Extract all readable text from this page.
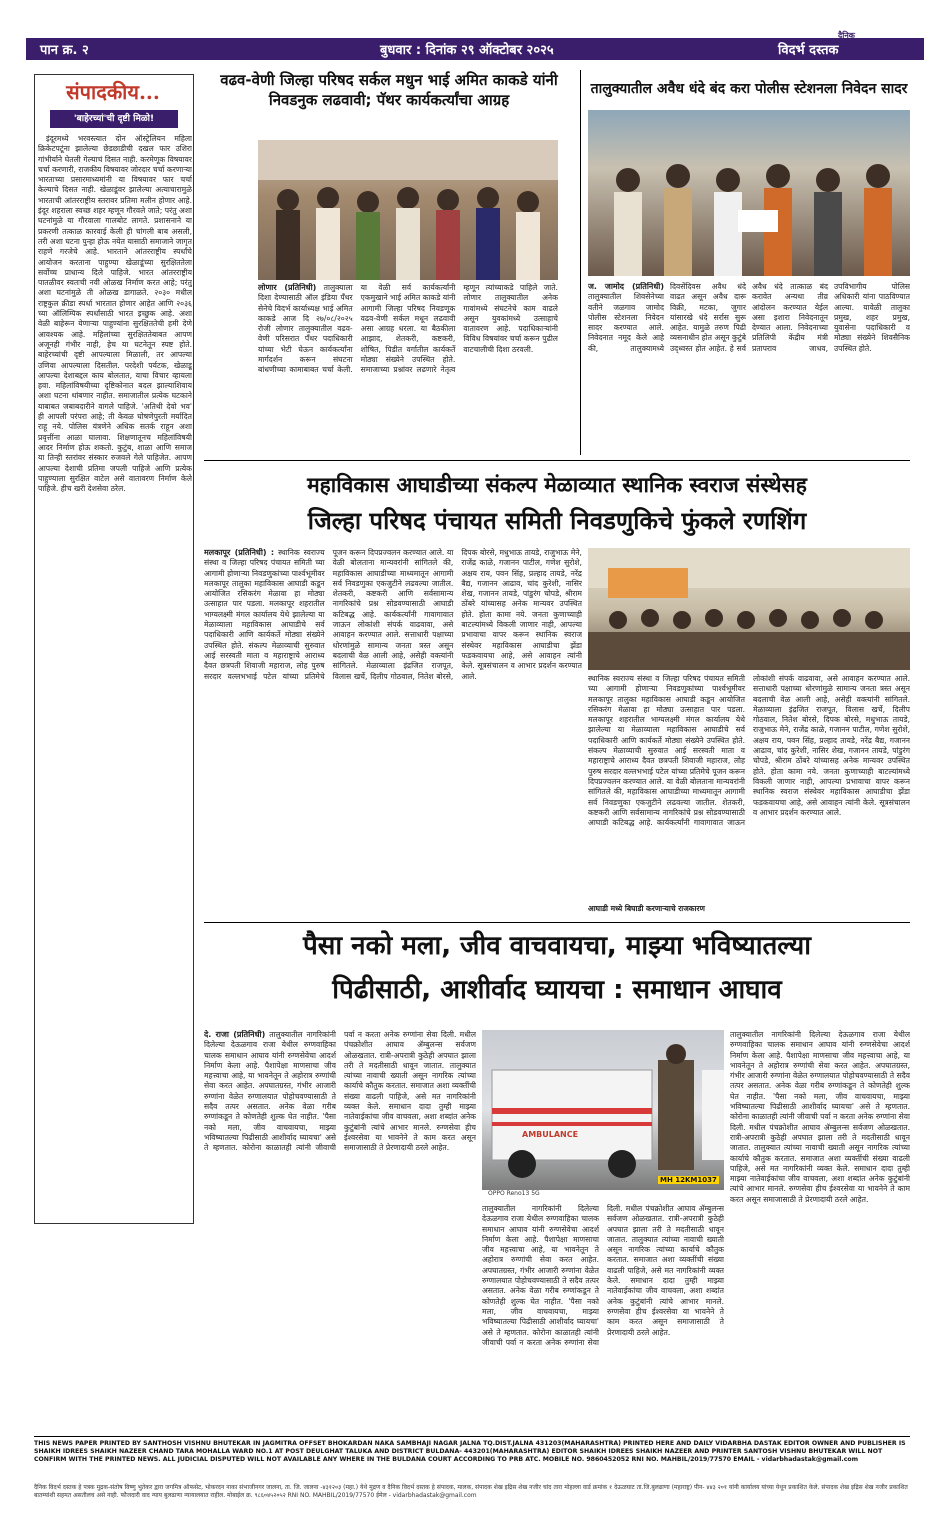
पान क्र. २	बुधवार : दिनांक २९ ऑक्टोबर २०२५
दैनिक
विदर्भ दस्तक
संपादकीय...
'बाहेरच्यां'ची दृष्टी मिळो!

इंदूरमध्ये भरवस्त्यात दोन ऑस्ट्रेलियन महिला क्रिकेटपटूंना झालेल्या छेडछाडीची दखल फार उशिरा गांभीर्याने घेतली गेल्याचं दिसत नाही. करमेणूक विषयावर चर्चा करणारी, राजकीय विषयावर जोरदार चर्चा करणाऱ्या भारताच्या प्रसारमाध्यमांनी या विषयावर फार चर्चा केल्याचे दिसत नाही. खेळाडूंवर झालेल्या अत्याचारामुळे भारताची आंतरराष्ट्रीय स्तरावर प्रतिमा मलीन होणार आहे. इंदूर शहराला स्वच्छ शहर म्हणून गौरवले जाते; परंतु अशा घटनांमुळे या गौरवाला गालबोट लागते. प्रशासनाने या प्रकरणी तत्काळ कारवाई केली ही चांगली बाब असली, तरी अशा घटना पुन्हा होऊ नयेत यासाठी समाजाने जागृत राहणे गरजेचे आहे. भारताने आंतरराष्ट्रीय स्पर्धांचे आयोजन करताना पाहुण्या खेळाडूंच्या सुरक्षिततेला सर्वोच्च प्राधान्य दिले पाहिजे. भारत आंतरराष्ट्रीय पातळीवर स्वतःची नवी ओळख निर्माण करत आहे; परंतु अशा घटनांमुळे ती ओळख डागाळते. २०३० मधील राष्ट्रकुल क्रीडा स्पर्धा भारतात होणार आहेत आणि २०३६ च्या ऑलिम्पिक स्पर्धांसाठी भारत इच्छुक आहे. अशा वेळी बाहेरून येणाऱ्या पाहुण्यांना सुरक्षिततेची हमी देणे आवश्यक आहे. महिलांच्या सुरक्षिततेबाबत आपण अजूनही गंभीर नाही, हेच या घटनेतून स्पष्ट होते. बाहेरच्यांची दृष्टी आपल्याला मिळाली, तर आपल्या उणिवा आपल्याला दिसतील. परदेशी पर्यटक, खेळाडू आपल्या देशाबद्दल काय बोलतात, याचा विचार व्हायला हवा. महिलांविषयीच्या दृष्टिकोनात बदल झाल्याशिवाय अशा घटना थांबणार नाहीत. समाजातील प्रत्येक घटकाने याबाबत जबाबदारीने वागले पाहिजे. 'अतिथी देवो भव' ही आपली परंपरा आहे; ती केवळ घोषणेपुरती मर्यादित राहू नये. पोलिस यंत्रणेने अधिक सतर्क राहून अशा प्रवृत्तींना आळा घालावा. शिक्षणातूनच महिलांविषयी आदर निर्माण होऊ शकतो. कुटुंब, शाळा आणि समाज या तिन्ही स्तरांवर संस्कार रुजवले गेले पाहिजेत. आपण आपल्या देशाची प्रतिमा जपली पाहिजे आणि प्रत्येक पाहुण्याला सुरक्षित वाटेल असे वातावरण निर्माण केले पाहिजे. हीच खरी देशसेवा ठरेल.

वढव-वेणी जिल्हा परिषद सर्कल मधुन भाई अमित काकडे यांनी निवडनुक लढवावी; पॅथर कार्यकर्त्यांचा आग्रह
लोणार (प्रतिनिधी) तालुक्याला दिशा देण्यासाठी ऑल इंडिया पँथर सेनेचे विदर्भ कार्याध्यक्ष भाई अमित काकडे आज दि २७/०८/२०२५ रोजी लोणार तालुक्यातील वढव-वेणी परिसरात पँथर पदाधिकारी यांच्या भेटी घेऊन कार्यकर्त्यांना मार्गदर्शन करून संघटना बांधणीच्या कामाबाबत चर्चा केली. या वेळी सर्व कार्यकर्त्यांनी एकमुखाने भाई अमित काकडे यांनी आगामी जिल्हा परिषद निवडणूक वढव-वेणी सर्कल मधून लढवावी असा आग्रह धरला. या बैठकीला आझाद, शेतकरी, कष्टकरी, शोषित, पिडीत वर्गातील कार्यकर्ते मोठ्या संख्येने उपस्थित होते. समाजाच्या प्रश्नांवर लढणारे नेतृत्व म्हणून त्यांच्याकडे पाहिले जाते. लोणार तालुक्यातील अनेक गावांमध्ये संघटनेचे काम वाढले असून युवकांमध्ये उत्साहाचे वातावरण आहे. पदाधिकाऱ्यांनी विविध विषयांवर चर्चा करून पुढील वाटचालीची दिशा ठरवली.
तालुक्यातील अवैध धंदे बंद करा पोलीस स्टेशनला निवेदन सादर
ज. जामोद (प्रतिनिधी) तालुक्यातील शिवसेनेच्या वतीने जळगाव जामोद पोलीस स्टेशनला निवेदन सादर करण्यात आले. निवेदनात नमूद केले आहे की, तालुक्यामध्ये दिवसेंदिवस अवैध धंदे वाढत असून अवैध दारू विक्री, मटका, जुगार यांसारखे धंदे सर्रास सुरू आहेत. यामुळे तरुण पिढी व्यसनाधीन होत असून कुटुंबे उद्ध्वस्त होत आहेत. हे सर्व अवैध धंदे तात्काळ बंद करावेत अन्यथा तीव्र आंदोलन करण्यात येईल असा इशारा निवेदनातून देण्यात आला. निवेदनाच्या प्रतिलिपी केंद्रीय मंत्री प्रतापराव जाधव, उपविभागीय पोलिस अधिकारी यांना पाठविण्यात आल्या. यावेळी तालुका प्रमुख, शहर प्रमुख, युवासेना पदाधिकारी व मोठ्या संख्येने शिवसैनिक उपस्थित होते.
महाविकास आघाडीच्या संकल्प मेळाव्यात स्थानिक स्वराज संस्थेसह
जिल्हा परिषद पंचायत समिती निवडणुकिचे फुंकले रणशिंग
मलकापूर (प्रतिनिधी) : स्थानिक स्वराज्य संस्था व जिल्हा परिषद पंचायत समिती च्या आगामी होणाऱ्या निवडणुकांच्या पार्श्वभूमीवर मलकापूर तालुका महाविकास आघाडी कडून आयोजित रसिकरंग मेळावा हा मोठ्या उत्साहात पार पडला. मलकापूर शहरातील भाग्यलक्ष्मी मंगल कार्यालय येथे झालेल्या या मेळाव्याला महाविकास आघाडीचे सर्व पदाधिकारी आणि कार्यकर्ते मोठ्या संख्येने उपस्थित होते. संकल्प मेळाव्याची सुरुवात आई सरस्वती माता व महाराष्ट्राचे आराध्य दैवत छत्रपती शिवाजी महाराज, लोह पुरुष सरदार वल्लभभाई पटेल यांच्या प्रतिमेचे पूजन करून दिपप्रज्वलन करण्यात आले. या वेळी बोलताना मान्यवरांनी सांगितले की, महाविकास आघाडीच्या माध्यमातून आगामी सर्व निवडणुका एकजुटीने लढवल्या जातील. शेतकरी, कष्टकरी आणि सर्वसामान्य नागरिकांचे प्रश्न सोडवण्यासाठी आघाडी कटिबद्ध आहे. कार्यकर्त्यांनी गावागावात जाऊन लोकांशी संपर्क वाढवावा, असे आवाहन करण्यात आले. सत्ताधारी पक्षाच्या धोरणांमुळे सामान्य जनता त्रस्त असून बदलाची वेळ आली आहे, असेही वक्त्यांनी सांगितले. मेळाव्याला इंद्रजित राजपूत, विलास खर्चे, दिलीप गोठवाल, नितेश बोरसे, दिपक बोरसे, मधुभाऊ तायडे, राजुभाऊ मेने, राजेंद्र काळे, गजानन पाटील, गणेश सुरोशे, अक्षय राय, पवन सिंह, प्रल्हाद तायडे, नरेंद्र बैद्य, गजानन आढाव, चांद कुरेशी, नासिर शेख, गजानन तायडे, पांडुरंग चोपडे, श्रीराम ठोंबरे यांच्यासह अनेक मान्यवर उपस्थित होते. होता कामा नये. जनता कुणाच्याही बाटल्यांमध्ये विकली जाणार नाही, आपल्या प्रभावाचा वापर करून स्थानिक स्वराज संस्थेवर महाविकास आघाडीचा झेंडा फडकवायचा आहे, असे आवाहन त्यांनी केले. सूत्रसंचालन व आभार प्रदर्शन करण्यात आले.	स्थानिक स्वराज्य संस्था व जिल्हा परिषद पंचायत समिती च्या आगामी होणाऱ्या निवडणुकांच्या पार्श्वभूमीवर मलकापूर तालुका महाविकास आघाडी कडून आयोजित रसिकरंग मेळावा हा मोठ्या उत्साहात पार पडला. मलकापूर शहरातील भाग्यलक्ष्मी मंगल कार्यालय येथे झालेल्या या मेळाव्याला महाविकास आघाडीचे सर्व पदाधिकारी आणि कार्यकर्ते मोठ्या संख्येने उपस्थित होते. संकल्प मेळाव्याची सुरुवात आई सरस्वती माता व महाराष्ट्राचे आराध्य दैवत छत्रपती शिवाजी महाराज, लोह पुरुष सरदार वल्लभभाई पटेल यांच्या प्रतिमेचे पूजन करून दिपप्रज्वलन करण्यात आले. या वेळी बोलताना मान्यवरांनी सांगितले की, महाविकास आघाडीच्या माध्यमातून आगामी सर्व निवडणुका एकजुटीने लढवल्या जातील. शेतकरी, कष्टकरी आणि सर्वसामान्य नागरिकांचे प्रश्न सोडवण्यासाठी आघाडी कटिबद्ध आहे. कार्यकर्त्यांनी गावागावात जाऊन लोकांशी संपर्क वाढवावा, असे आवाहन करण्यात आले. सत्ताधारी पक्षाच्या धोरणांमुळे सामान्य जनता त्रस्त असून बदलाची वेळ आली आहे, असेही वक्त्यांनी सांगितले. मेळाव्याला इंद्रजित राजपूत, विलास खर्चे, दिलीप गोठवाल, नितेश बोरसे, दिपक बोरसे, मधुभाऊ तायडे, राजुभाऊ मेने, राजेंद्र काळे, गजानन पाटील, गणेश सुरोशे, अक्षय राय, पवन सिंह, प्रल्हाद तायडे, नरेंद्र बैद्य, गजानन आढाव, चांद कुरेशी, नासिर शेख, गजानन तायडे, पांडुरंग चोपडे, श्रीराम ठोंबरे यांच्यासह अनेक मान्यवर उपस्थित होते. होता कामा नये. जनता कुणाच्याही बाटल्यांमध्ये विकली जाणार नाही, आपल्या प्रभावाचा वापर करून स्थानिक स्वराज संस्थेवर महाविकास आघाडीचा झेंडा फडकवायचा आहे, असे आवाहन त्यांनी केले. सूत्रसंचालन व आभार प्रदर्शन करण्यात आले.
आघाडी मध्ये बिघाडी करणाऱ्याचे राजकारण
पैसा नको मला, जीव वाचवायचा, माझ्या भविष्यातल्या
पिढीसाठी, आशीर्वाद घ्यायचा : समाधान आघाव
AMBULANCE
MH 12KM1037
OPPO Reno13 5G
दे. राजा (प्रतिनिधी) तालुक्यातील नागरिकांनी दिलेल्या देऊळगाव राजा येथील रुग्णवाहिका चालक समाधान आघाव यांनी रुग्णसेवेचा आदर्श निर्माण केला आहे. पैशापेक्षा माणसाचा जीव महत्त्वाचा आहे, या भावनेतून ते अहोरात्र रुग्णांची सेवा करत आहेत. अपघातग्रस्त, गंभीर आजारी रुग्णांना वेळेत रुग्णालयात पोहोचवण्यासाठी ते सदैव तत्पर असतात. अनेक वेळा गरीब रुग्णांकडून ते कोणतेही शुल्क घेत नाहीत. 'पैसा नको मला, जीव वाचवायचा, माझ्या भविष्यातल्या पिढीसाठी आशीर्वाद घ्यायचा' असे ते म्हणतात. कोरोना काळातही त्यांनी जीवाची पर्वा न करता अनेक रुग्णांना सेवा दिली. मधील पंचक्रोशीत आघाव ॲम्बुलन्स सर्वजण ओळखतात. रात्री-अपरात्री कुठेही अपघात झाला तरी ते मदतीसाठी धावून जातात. तालुक्यात त्यांच्या नावाची ख्याती असून नागरिक त्यांच्या कार्याचे कौतुक करतात. समाजात अशा व्यक्तींची संख्या वाढली पाहिजे, असे मत नागरिकांनी व्यक्त केले. समाधान दादा तुम्ही माझ्या नातेवाईकांचा जीव वाचवला, अशा शब्दांत अनेक कुटुंबांनी त्यांचे आभार मानले. रुग्णसेवा हीच ईश्वरसेवा या भावनेने ते काम करत असून समाजासाठी ते प्रेरणादायी ठरले आहेत.
तालुक्यातील नागरिकांनी दिलेल्या देऊळगाव राजा येथील रुग्णवाहिका चालक समाधान आघाव यांनी रुग्णसेवेचा आदर्श निर्माण केला आहे. पैशापेक्षा माणसाचा जीव महत्त्वाचा आहे, या भावनेतून ते अहोरात्र रुग्णांची सेवा करत आहेत. अपघातग्रस्त, गंभीर आजारी रुग्णांना वेळेत रुग्णालयात पोहोचवण्यासाठी ते सदैव तत्पर असतात. अनेक वेळा गरीब रुग्णांकडून ते कोणतेही शुल्क घेत नाहीत. 'पैसा नको मला, जीव वाचवायचा, माझ्या भविष्यातल्या पिढीसाठी आशीर्वाद घ्यायचा' असे ते म्हणतात. कोरोना काळातही त्यांनी जीवाची पर्वा न करता अनेक रुग्णांना सेवा दिली. मधील पंचक्रोशीत आघाव ॲम्बुलन्स सर्वजण ओळखतात. रात्री-अपरात्री कुठेही अपघात झाला तरी ते मदतीसाठी धावून जातात. तालुक्यात त्यांच्या नावाची ख्याती असून नागरिक त्यांच्या कार्याचे कौतुक करतात. समाजात अशा व्यक्तींची संख्या वाढली पाहिजे, असे मत नागरिकांनी व्यक्त केले. समाधान दादा तुम्ही माझ्या नातेवाईकांचा जीव वाचवला, अशा शब्दांत अनेक कुटुंबांनी त्यांचे आभार मानले. रुग्णसेवा हीच ईश्वरसेवा या भावनेने ते काम करत असून समाजासाठी ते प्रेरणादायी ठरले आहेत.
तालुक्यातील नागरिकांनी दिलेल्या देऊळगाव राजा येथील रुग्णवाहिका चालक समाधान आघाव यांनी रुग्णसेवेचा आदर्श निर्माण केला आहे. पैशापेक्षा माणसाचा जीव महत्त्वाचा आहे, या भावनेतून ते अहोरात्र रुग्णांची सेवा करत आहेत. अपघातग्रस्त, गंभीर आजारी रुग्णांना वेळेत रुग्णालयात पोहोचवण्यासाठी ते सदैव तत्पर असतात. अनेक वेळा गरीब रुग्णांकडून ते कोणतेही शुल्क घेत नाहीत. 'पैसा नको मला, जीव वाचवायचा, माझ्या भविष्यातल्या पिढीसाठी आशीर्वाद घ्यायचा' असे ते म्हणतात. कोरोना काळातही त्यांनी जीवाची पर्वा न करता अनेक रुग्णांना सेवा दिली. मधील पंचक्रोशीत आघाव ॲम्बुलन्स सर्वजण ओळखतात. रात्री-अपरात्री कुठेही अपघात झाला तरी ते मदतीसाठी धावून जातात. तालुक्यात त्यांच्या नावाची ख्याती असून नागरिक त्यांच्या कार्याचे कौतुक करतात. समाजात अशा व्यक्तींची संख्या वाढली पाहिजे, असे मत नागरिकांनी व्यक्त केले. समाधान दादा तुम्ही माझ्या नातेवाईकांचा जीव वाचवला, अशा शब्दांत अनेक कुटुंबांनी त्यांचे आभार मानले. रुग्णसेवा हीच ईश्वरसेवा या भावनेने ते काम करत असून समाजासाठी ते प्रेरणादायी ठरले आहेत.
THIS NEWS PAPER PRINTED BY SANTHOSH VISHNU BHUTEKAR IN JAGMITRA OFFSET BHOKARDAN NAKA SAMBHAJI NAGAR JALNA TQ.DIST.JALNA 431203(MAHARASHTRA) PRINTED HERE AND DAILY VIDARBHA DASTAK EDITOR OWNER AND PUBLISHER IS SHAIKH IDREES SHAIKH NAZEER CHAND TARA MOHALLA WARD NO.1 AT POST DEULGHAT TALUKA AND DISTRICT BULDANA- 443201(MAHARASHTRA) EDITOR SHAIKH IDREES SHAIKH NAZEER AND PRINTER SANTOSH VISHNU BHUTEKAR WILL NOT CONFIRM WITH THE PRINTED NEWS. ALL JUDICIAL DISPUTED WILL NOT AVAILABLE ANY WHERE IN THE BULDANA COURT ACCORDING TO PRB ATC. MOBILE NO. 9860452052 RNI NO. MAHBIL/2019/77570 EMAIL - vidarbhadastak@gmail.com
दैनिक विदर्भ दस्तक हे पत्रक मुद्रक-संतोष विष्णु भुतेकर द्वारा जगमित्र ऑफसेट, भोकरदन नाका संभाजीनगर जालना, ता. जि. जालना -४३१२०३ (महा.) येथे मुद्रण व दैनिक विदर्भ दस्तक हे संपादक, मालक, संपादक शेख इद्रिस शेख नजीर चांद तारा मोहल्ला वार्ड क्रमांक १ देऊळघाट ता.जि.बुलढाणा (महाराष्ट्र) पीन- ४४३ २०१ यांनी कार्यालय यांच्या येथून प्रकाशित केले. संपादक शेख इद्रिस शेख नजीर प्रकाशित बातम्यांशी सहमत असतीलच असे नाही. फौजदारी वाद न्याय बुलढाणा न्यायालयात राहील. मोबाईल क्र. ९८६०४५२०५२ RNI NO. MAHBIL/2019/77570 ईमेल - vidarbhadastak@gmail.com
